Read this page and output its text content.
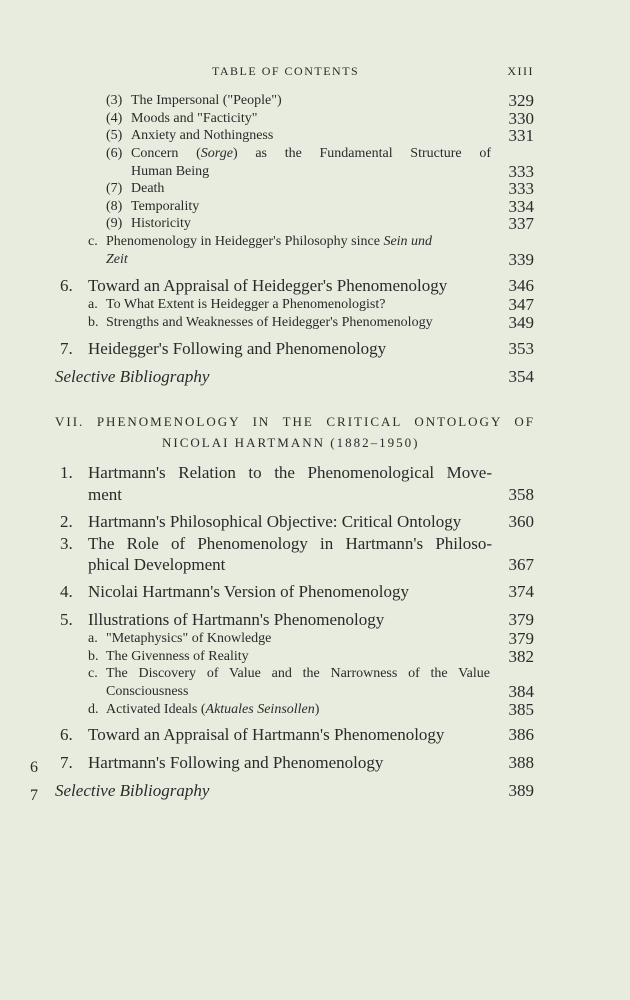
TABLE OF CONTENTS	XIII
(3) The Impersonal ("People")	329
(4) Moods and "Facticity"	330
(5) Anxiety and Nothingness	331
(6) Concern (Sorge) as the Fundamental Structure of
Human Being	333
(7) Death	333
(8) Temporality	334
(9) Historicity	337
c. Phenomenology in Heidegger's Philosophy since Sein und
Zeit	339
6. Toward an Appraisal of Heidegger's Phenomenology	346
a. To What Extent is Heidegger a Phenomenologist?	347
b. Strengths and Weaknesses of Heidegger's Phenomenology	349
7. Heidegger's Following and Phenomenology	353
Selective Bibliography	354
VII. PHENOMENOLOGY IN THE CRITICAL ONTOLOGY OF
NICOLAI HARTMANN (1882–1950)
1. Hartmann's Relation to the Phenomenological Move-
ment	358
2. Hartmann's Philosophical Objective: Critical Ontology	360
3. The Role of Phenomenology in Hartmann's Philoso-
phical Development	367
4. Nicolai Hartmann's Version of Phenomenology	374
5. Illustrations of Hartmann's Phenomenology	379
a. "Metaphysics" of Knowledge	379
b. The Givenness of Reality	382
c. The Discovery of Value and the Narrowness of the Value
Consciousness	384
d. Activated Ideals (Aktuales Seinsollen)	385
6. Toward an Appraisal of Hartmann's Phenomenology	386
7. Hartmann's Following and Phenomenology	388
Selective Bibliography	389
6
7
